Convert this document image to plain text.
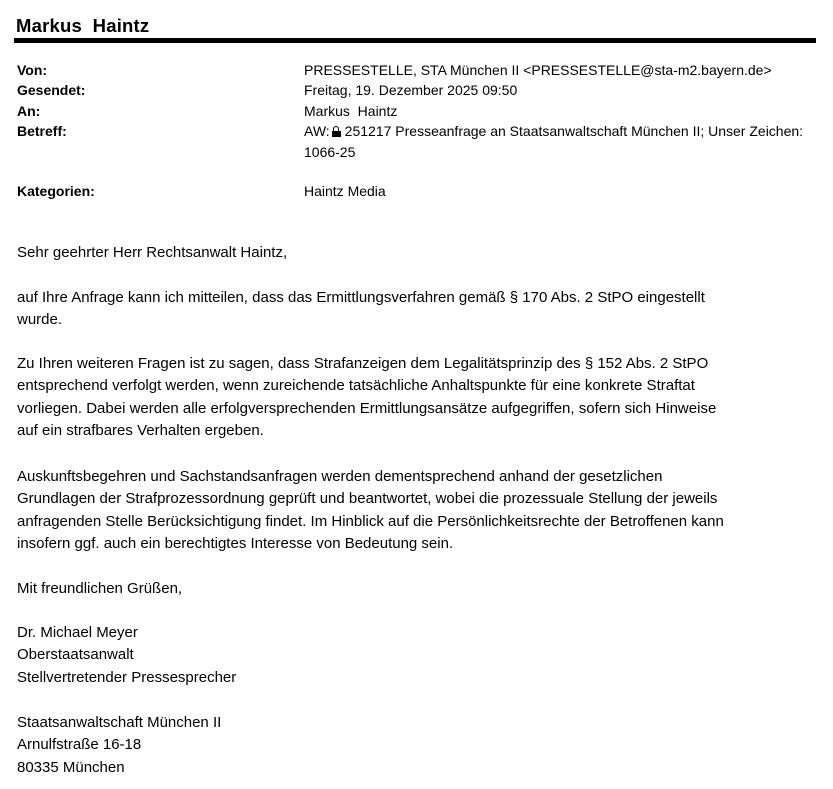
Markus  Haintz
Von:	PRESSESTELLE, STA München II <PRESSESTELLE@sta-m2.bayern.de>
Gesendet:	Freitag, 19. Dezember 2025 09:50
An:	Markus  Haintz
Betreff:	AW: 251217 Presseanfrage an Staatsanwaltschaft München II; Unser Zeichen: 1066-25
Kategorien:	Haintz Media

Sehr geehrter Herr Rechtsanwalt Haintz,

auf Ihre Anfrage kann ich mitteilen, dass das Ermittlungsverfahren gemäß § 170 Abs. 2 StPO eingestellt
wurde.

Zu Ihren weiteren Fragen ist zu sagen, dass Strafanzeigen dem Legalitätsprinzip des § 152 Abs. 2 StPO
entsprechend verfolgt werden, wenn zureichende tatsächliche Anhaltspunkte für eine konkrete Straftat
vorliegen. Dabei werden alle erfolgversprechenden Ermittlungsansätze aufgegriffen, sofern sich Hinweise
auf ein strafbares Verhalten ergeben.

Auskunftsbegehren und Sachstandsanfragen werden dementsprechend anhand der gesetzlichen
Grundlagen der Strafprozessordnung geprüft und beantwortet, wobei die prozessuale Stellung der jeweils
anfragenden Stelle Berücksichtigung findet. Im Hinblick auf die Persönlichkeitsrechte der Betroffenen kann
insofern ggf. auch ein berechtigtes Interesse von Bedeutung sein.

Mit freundlichen Grüßen,

Dr. Michael Meyer
Oberstaatsanwalt
Stellvertretender Pressesprecher

Staatsanwaltschaft München II
Arnulfstraße 16-18
80335 München
